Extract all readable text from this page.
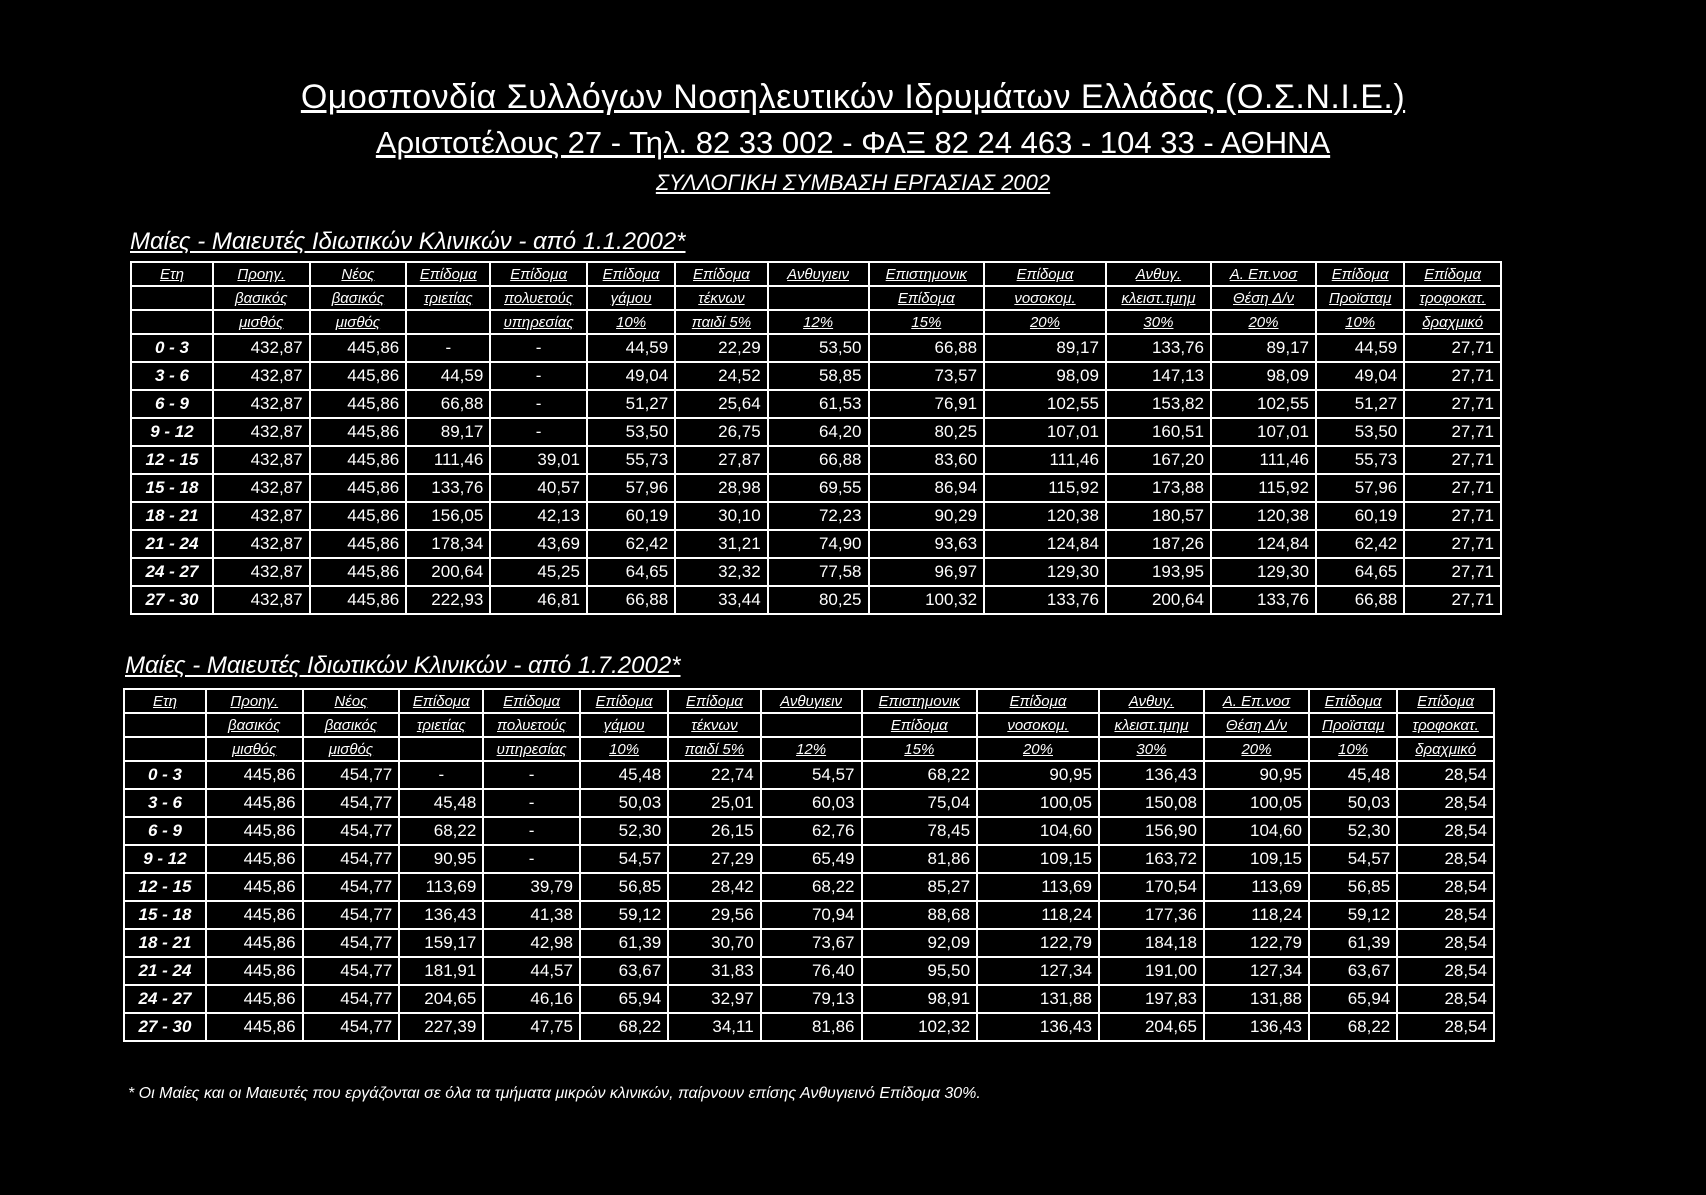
Ομοσπονδία Συλλόγων Νοσηλευτικών Ιδρυμάτων Ελλάδας (Ο.Σ.Ν.Ι.Ε.)
Αριστοτέλους 27 - Τηλ. 82 33 002 - ΦΑΞ 82 24 463 - 104 33 - ΑΘΗΝΑ
ΣΥΛΛΟΓΙΚΗ ΣΥΜΒΑΣΗ ΕΡΓΑΣΙΑΣ 2002
Μαίες - Μαιευτές Ιδιωτικών Κλινικών - από 1.1.2002*
Ετη	Προηγ.	Νέος	Επίδομα	Επίδομα	Επίδομα	Επίδομα	Ανθυγιειν	Επιστημονικ	Επίδομα	Ανθυγ.	Α. Επ.νοσ	Επίδομα	Επίδομα
	βασικός	βασικός	τριετίας	πολυετούς	γάμου	τέκνων		Επίδομα	νοσοκομ.	κλειστ.τμημ	Θέση Δ/ν	Προϊσταμ	τροφοκατ.
	μισθός	μισθός		υπηρεσίας	10%	παιδί 5%	12%	15%	20%	30%	20%	10%	δραχμικό
0 - 3	432,87	445,86	-	-	44,59	22,29	53,50	66,88	89,17	133,76	89,17	44,59	27,71
3 - 6	432,87	445,86	44,59	-	49,04	24,52	58,85	73,57	98,09	147,13	98,09	49,04	27,71
6 - 9	432,87	445,86	66,88	-	51,27	25,64	61,53	76,91	102,55	153,82	102,55	51,27	27,71
9 - 12	432,87	445,86	89,17	-	53,50	26,75	64,20	80,25	107,01	160,51	107,01	53,50	27,71
12 - 15	432,87	445,86	111,46	39,01	55,73	27,87	66,88	83,60	111,46	167,20	111,46	55,73	27,71
15 - 18	432,87	445,86	133,76	40,57	57,96	28,98	69,55	86,94	115,92	173,88	115,92	57,96	27,71
18 - 21	432,87	445,86	156,05	42,13	60,19	30,10	72,23	90,29	120,38	180,57	120,38	60,19	27,71
21 - 24	432,87	445,86	178,34	43,69	62,42	31,21	74,90	93,63	124,84	187,26	124,84	62,42	27,71
24 - 27	432,87	445,86	200,64	45,25	64,65	32,32	77,58	96,97	129,30	193,95	129,30	64,65	27,71
27 - 30	432,87	445,86	222,93	46,81	66,88	33,44	80,25	100,32	133,76	200,64	133,76	66,88	27,71
Μαίες - Μαιευτές Ιδιωτικών Κλινικών - από 1.7.2002*
Ετη	Προηγ.	Νέος	Επίδομα	Επίδομα	Επίδομα	Επίδομα	Ανθυγιειν	Επιστημονικ	Επίδομα	Ανθυγ.	Α. Επ.νοσ	Επίδομα	Επίδομα
	βασικός	βασικός	τριετίας	πολυετούς	γάμου	τέκνων		Επίδομα	νοσοκομ.	κλειστ.τμημ	Θέση Δ/ν	Προϊσταμ	τροφοκατ.
	μισθός	μισθός		υπηρεσίας	10%	παιδί 5%	12%	15%	20%	30%	20%	10%	δραχμικό
0 - 3	445,86	454,77	-	-	45,48	22,74	54,57	68,22	90,95	136,43	90,95	45,48	28,54
3 - 6	445,86	454,77	45,48	-	50,03	25,01	60,03	75,04	100,05	150,08	100,05	50,03	28,54
6 - 9	445,86	454,77	68,22	-	52,30	26,15	62,76	78,45	104,60	156,90	104,60	52,30	28,54
9 - 12	445,86	454,77	90,95	-	54,57	27,29	65,49	81,86	109,15	163,72	109,15	54,57	28,54
12 - 15	445,86	454,77	113,69	39,79	56,85	28,42	68,22	85,27	113,69	170,54	113,69	56,85	28,54
15 - 18	445,86	454,77	136,43	41,38	59,12	29,56	70,94	88,68	118,24	177,36	118,24	59,12	28,54
18 - 21	445,86	454,77	159,17	42,98	61,39	30,70	73,67	92,09	122,79	184,18	122,79	61,39	28,54
21 - 24	445,86	454,77	181,91	44,57	63,67	31,83	76,40	95,50	127,34	191,00	127,34	63,67	28,54
24 - 27	445,86	454,77	204,65	46,16	65,94	32,97	79,13	98,91	131,88	197,83	131,88	65,94	28,54
27 - 30	445,86	454,77	227,39	47,75	68,22	34,11	81,86	102,32	136,43	204,65	136,43	68,22	28,54
* Οι Μαίες και οι Μαιευτές που εργάζονται σε όλα τα τμήματα μικρών κλινικών, παίρνουν επίσης Ανθυγιεινό Επίδομα 30%.
